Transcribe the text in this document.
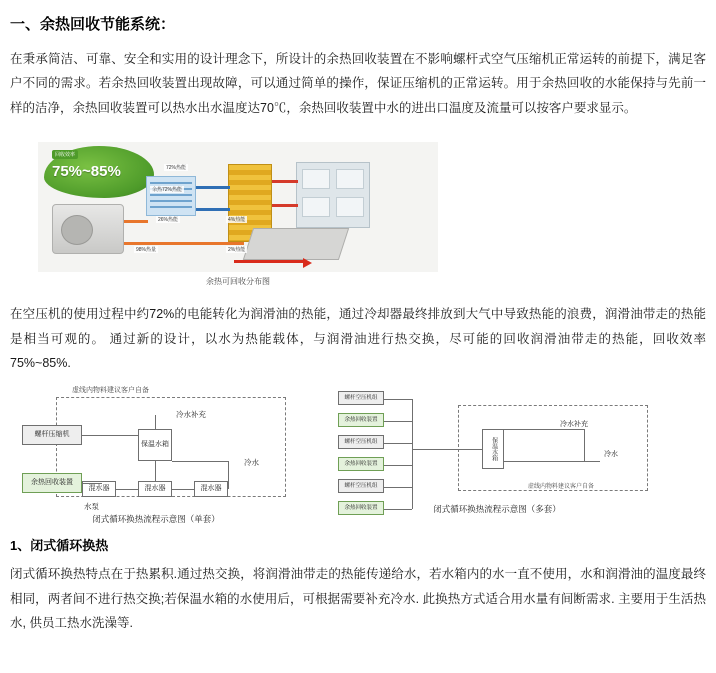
一、余热回收节能系统：

在秉承简洁、可靠、安全和实用的设计理念下，所设计的余热回收装置在不影响螺杆式空气压缩机正常运转的前提下，满足客户不同的需求。若余热回收装置出现故障，可以通过简单的操作，保证压缩机的正常运转。用于余热回收的水能保持与先前一样的洁净，余热回收装置可以热水出水温度达70℃，余热回收装置中水的进出口温度及流量可以按客户要求显示。

回收效率
75%~85%	72%热能
余热72%热能
26%热能
98%热量	2%热能
4%热能
余热可回收分布图

在空压机的使用过程中约72%的电能转化为润滑油的热能，通过冷却器最终排放到大气中导致热能的浪费，润滑油带走的热能是相当可观的。 通过新的设计，以水为热能载体，与润滑油进行热交换，尽可能的回收润滑油带走的热能，回收效率75%~85%.

虚线内物料建议客户自备
螺杆压缩机
余热回收装置
保温水箱
混水器	混水器	混水器
水泵
冷水补充
冷水
闭式循环换热流程示意图（单套）
螺杆空压机组
余热回收装置
螺杆空压机组
余热回收装置
螺杆空压机组
余热回收装置
保温水箱
冷水补充
冷水
虚线内物料建议客户自备
闭式循环换热流程示意图（多套）
1、闭式循环换热

闭式循环换热特点在于热累积.通过热交换，将润滑油带走的热能传递给水，若水箱内的水一直不使用，水和润滑油的温度最终相同，两者间不进行热交换;若保温水箱的水使用后，可根据需要补充冷水. 此换热方式适合用水量有间断需求. 主要用于生活热水, 供员工热水洗澡等.
